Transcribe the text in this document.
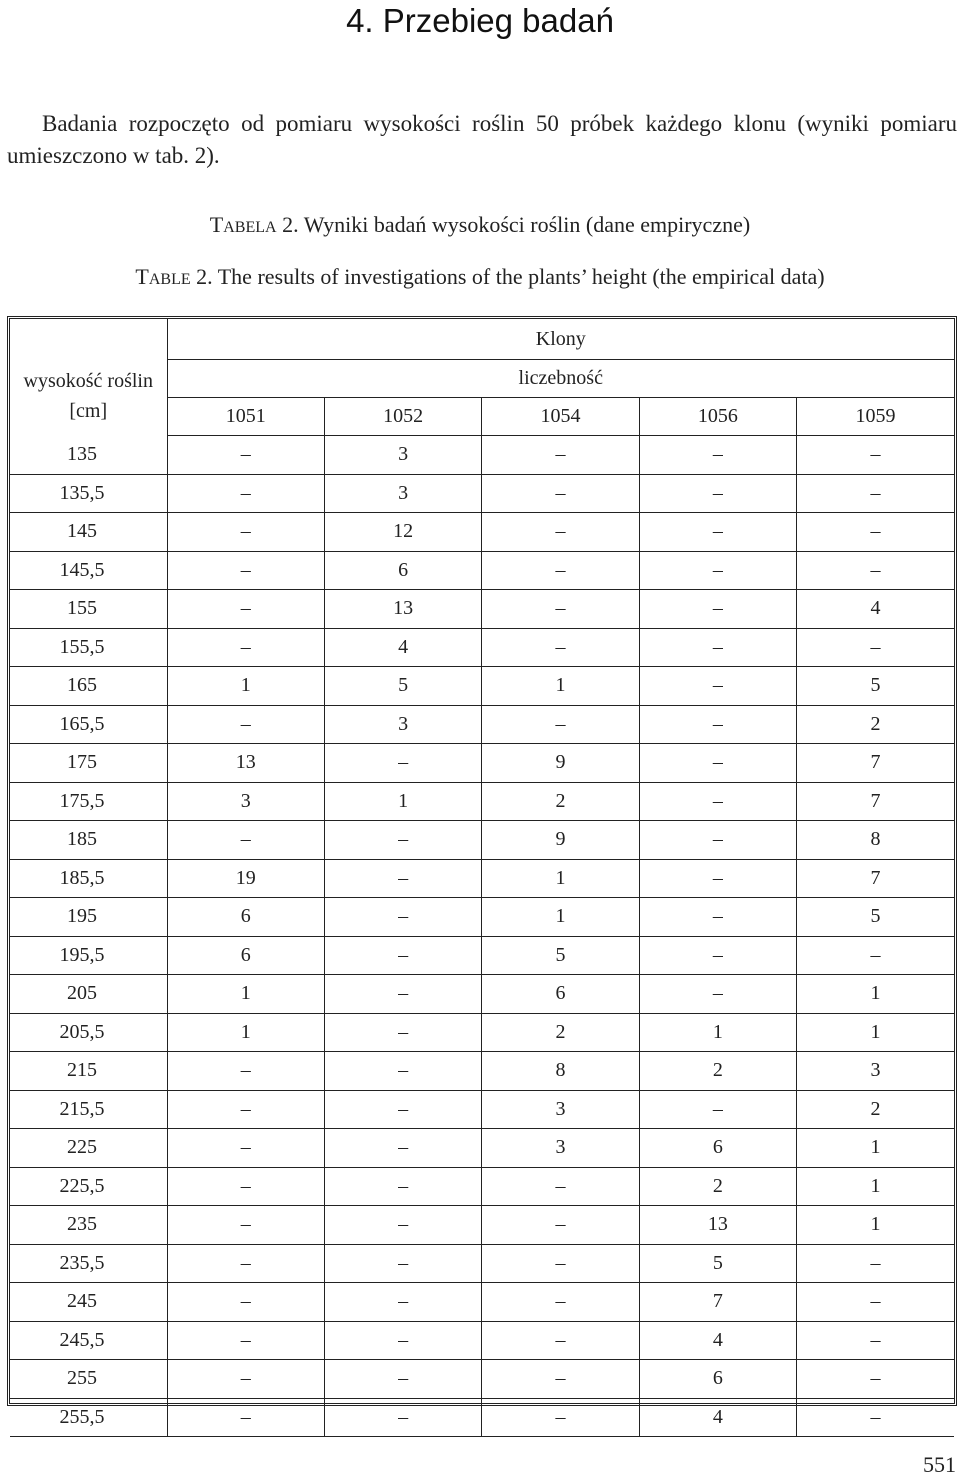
4. Przebieg badań

Badania rozpoczęto od pomiaru wysokości roślin 50 próbek każdego klonu (wyniki pomiaru umieszczono w tab. 2).

TABELA 2. Wyniki badań wysokości roślin (dane empiryczne)
TABLE 2. The results of investigations of the plants’ height (the empirical data)
wysokość roślin
[cm]	Klony				
	liczebność				
	1051	1052	1054	1056	1059
135	–	3	–	–	–
135,5	–	3	–	–	–
145	–	12	–	–	–
145,5	–	6	–	–	–
155	–	13	–	–	4
155,5	–	4	–	–	–
165	1	5	1	–	5
165,5	–	3	–	–	2
175	13	–	9	–	7
175,5	3	1	2	–	7
185	–	–	9	–	8
185,5	19	–	1	–	7
195	6	–	1	–	5
195,5	6	–	5	–	–
205	1	–	6	–	1
205,5	1	–	2	1	1
215	–	–	8	2	3
215,5	–	–	3	–	2
225	–	–	3	6	1
225,5	–	–	–	2	1
235	–	–	–	13	1
235,5	–	–	–	5	–
245	–	–	–	7	–
245,5	–	–	–	4	–
255	–	–	–	6	–
255,5	–	–	–	4	–
551
